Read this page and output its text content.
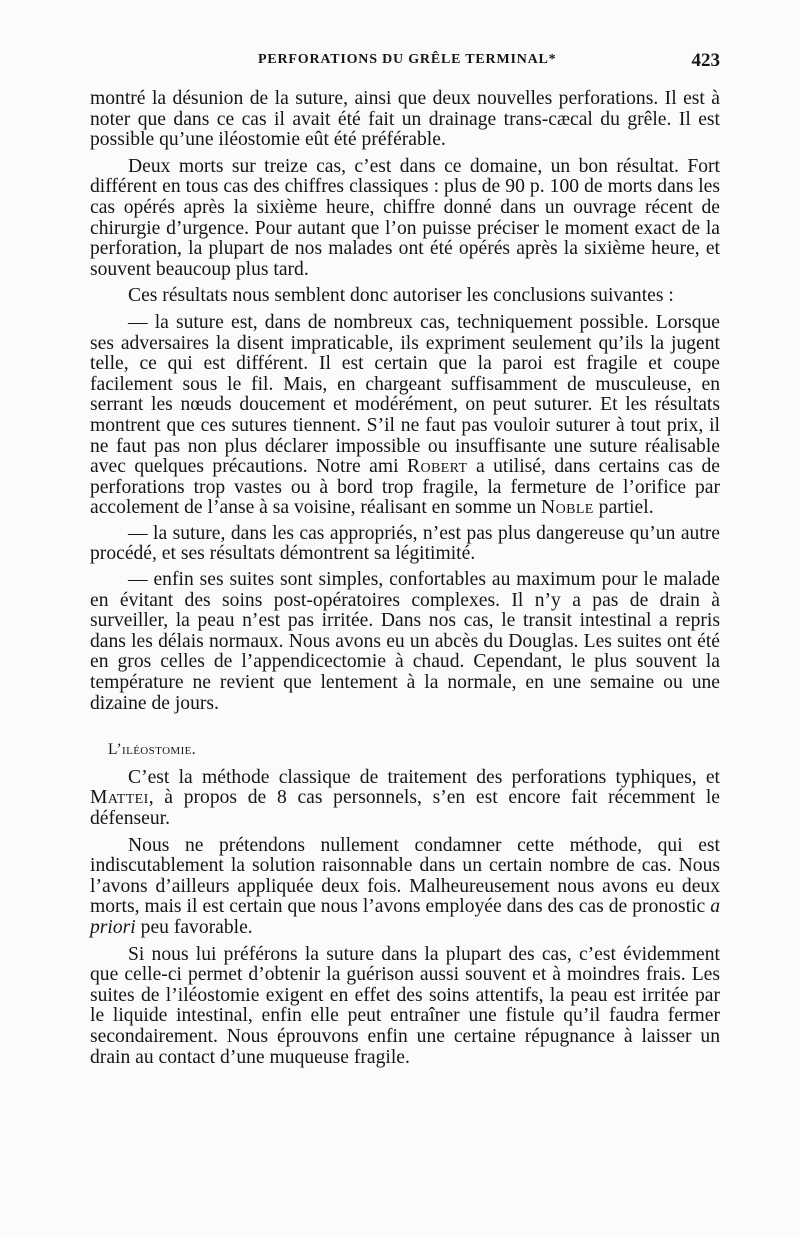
PERFORATIONS DU GRÊLE TERMINAL*	423

montré la désunion de la suture, ainsi que deux nouvelles perforations. Il est à noter que dans ce cas il avait été fait un drainage trans-cæcal du grêle. Il est possible qu’une iléostomie eût été préférable.

Deux morts sur treize cas, c’est dans ce domaine, un bon résultat. Fort différent en tous cas des chiffres classiques : plus de 90 p. 100 de morts dans les cas opérés après la sixième heure, chiffre donné dans un ouvrage récent de chirurgie d’urgence. Pour autant que l’on puisse préciser le moment exact de la perforation, la plupart de nos malades ont été opérés après la sixième heure, et souvent beaucoup plus tard.

Ces résultats nous semblent donc autoriser les conclusions suivantes :

— la suture est, dans de nombreux cas, techniquement possible. Lorsque ses adversaires la disent impraticable, ils expriment seulement qu’ils la jugent telle, ce qui est différent. Il est certain que la paroi est fragile et coupe facilement sous le fil. Mais, en chargeant suffisamment de musculeuse, en serrant les nœuds doucement et modérément, on peut suturer. Et les résultats montrent que ces sutures tiennent. S’il ne faut pas vouloir suturer à tout prix, il ne faut pas non plus déclarer impossible ou insuffisante une suture réalisable avec quelques précautions. Notre ami Robert a utilisé, dans certains cas de perforations trop vastes ou à bord trop fragile, la fermeture de l’orifice par accolement de l’anse à sa voisine, réalisant en somme un Noble partiel.

— la suture, dans les cas appropriés, n’est pas plus dangereuse qu’un autre procédé, et ses résultats démontrent sa légitimité.

— enfin ses suites sont simples, confortables au maximum pour le malade en évitant des soins post-opératoires complexes. Il n’y a pas de drain à surveiller, la peau n’est pas irritée. Dans nos cas, le transit intestinal a repris dans les délais normaux. Nous avons eu un abcès du Douglas. Les suites ont été en gros celles de l’appendicectomie à chaud. Cependant, le plus souvent la température ne revient que lentement à la normale, en une semaine ou une dizaine de jours.

L’iléostomie.

C’est la méthode classique de traitement des perforations typhiques, et Mattei, à propos de 8 cas personnels, s’en est encore fait récemment le défenseur.

Nous ne prétendons nullement condamner cette méthode, qui est indiscutablement la solution raisonnable dans un certain nombre de cas. Nous l’avons d’ailleurs appliquée deux fois. Malheureusement nous avons eu deux morts, mais il est certain que nous l’avons employée dans des cas de pronostic a priori peu favorable.

Si nous lui préférons la suture dans la plupart des cas, c’est évidemment que celle-ci permet d’obtenir la guérison aussi souvent et à moindres frais. Les suites de l’iléostomie exigent en effet des soins attentifs, la peau est irritée par le liquide intestinal, enfin elle peut entraîner une fistule qu’il faudra fermer secondairement. Nous éprouvons enfin une certaine répugnance à laisser un drain au contact d’une muqueuse fragile.
